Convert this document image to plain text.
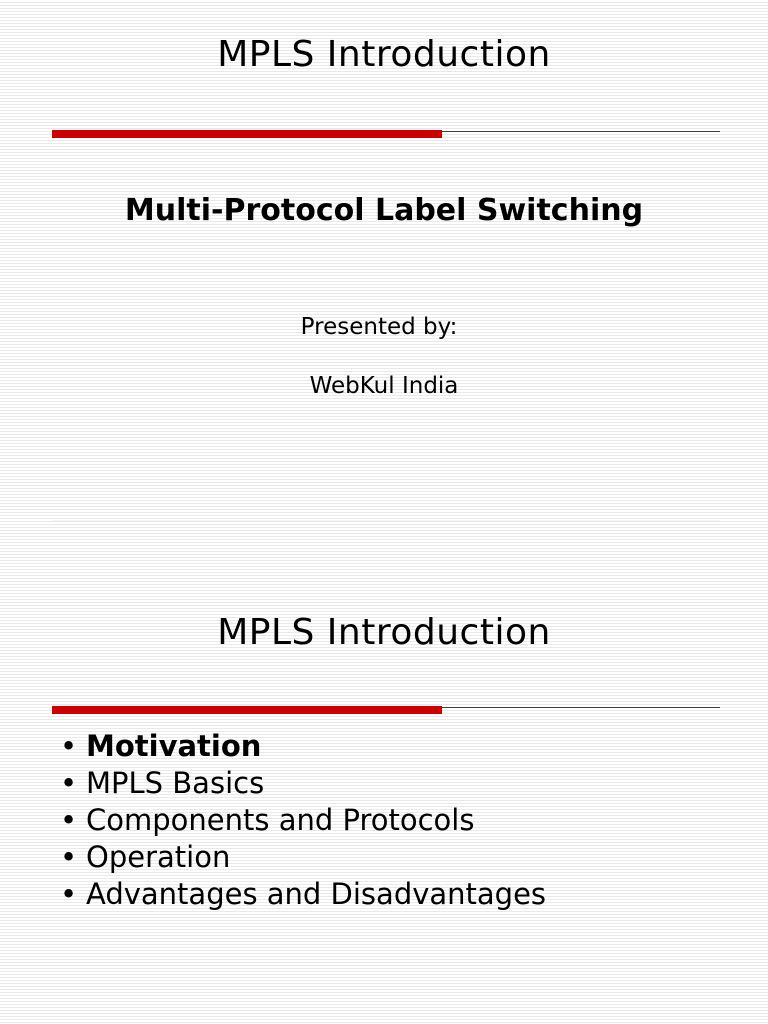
MPLS Introduction
Multi-Protocol Label Switching
Presented by:
WebKul India
MPLS Introduction
• Motivation
• MPLS Basics
• Components and Protocols
• Operation
• Advantages and Disadvantages
